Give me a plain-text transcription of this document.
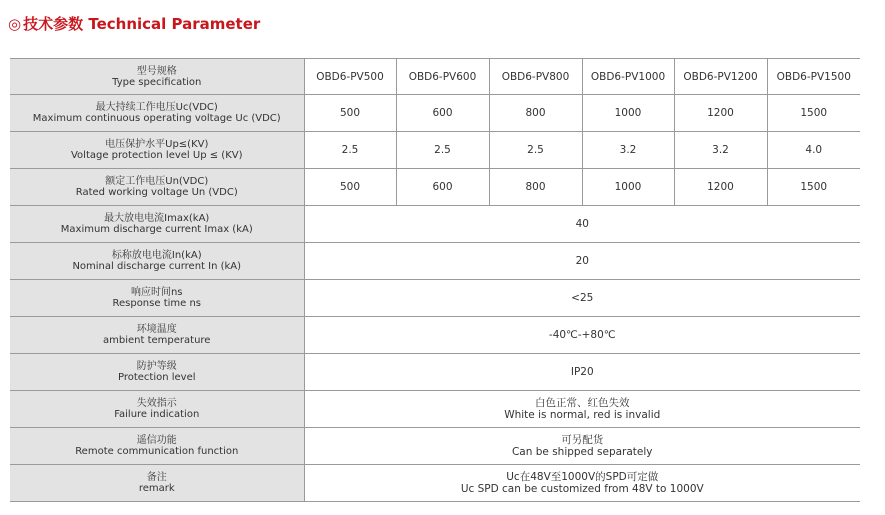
◎ 技术参数 Technical Parameter
型号规格
Type specification	OBD6-PV500	OBD6-PV600	OBD6-PV800	OBD6-PV1000	OBD6-PV1200	OBD6-PV1500

最大持续工作电压Uc(VDC)
Maximum continuous operating voltage Uc (VDC)	500	600	800	1000	1200	1500

电压保护水平Up≤(KV)
Voltage protection level Up ≤ (KV)	2.5	2.5	2.5	3.2	3.2	4.0

额定工作电压Un(VDC)
Rated working voltage Un (VDC)	500	600	800	1000	1200	1500

最大放电电流Imax(kA)
Maximum discharge current Imax (kA)	40					

标称放电电流In(kA)
Nominal discharge current In (kA)	20					

响应时间ns
Response time ns	<25					

环境温度
ambient temperature	-40℃-+80℃					

防护等级
Protection level	IP20					

失效指示
Failure indication	白色正常、红色失效
White is normal, red is invalid					

遥信功能
Remote communication function	可另配货
Can be shipped separately					

备注
remark	Uc在48V至1000V的SPD可定做
Uc SPD can be customized from 48V to 1000V					
